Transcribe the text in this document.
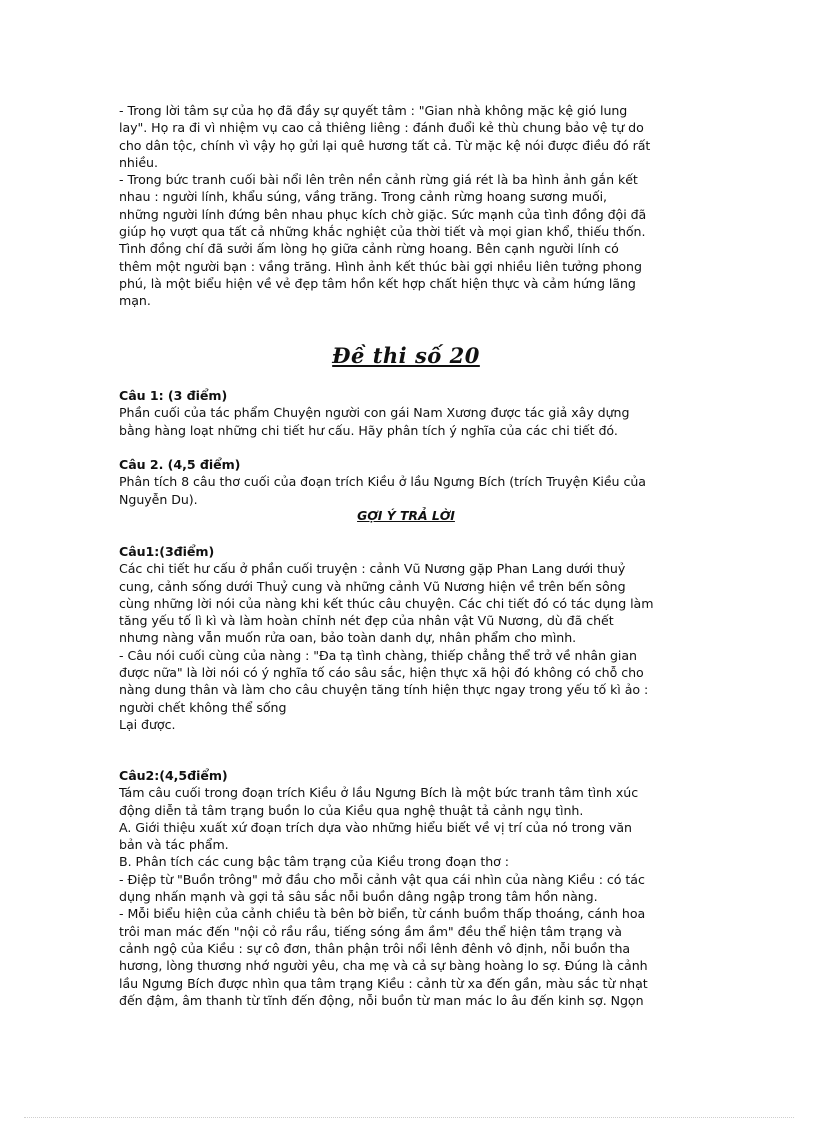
- Trong lời tâm sự của họ đã đầy sự quyết tâm : "Gian nhà không mặc kệ gió lung
lay". Họ ra đi vì nhiệm vụ cao cả thiêng liêng : đánh đuổi kẻ thù chung bảo vệ tự do
cho dân tộc, chính vì vậy họ gửi lại quê hương tất cả. Từ mặc kệ nói được điều đó rất
nhiều.
- Trong bức tranh cuối bài nổi lên trên nền cảnh rừng giá rét là ba hình ảnh gắn kết
nhau : người lính, khẩu súng, vầng trăng. Trong cảnh rừng hoang sương muối,
những người lính đứng bên nhau phục kích chờ giặc. Sức mạnh của tình đồng đội đã
giúp họ vượt qua tất cả những khắc nghiệt của thời tiết và mọi gian khổ, thiếu thốn.
Tình đồng chí đã sưởi ấm lòng họ giữa cảnh rừng hoang. Bên cạnh người lính có
thêm một người bạn : vầng trăng. Hình ảnh kết thúc bài gợi nhiều liên tưởng phong
phú, là một biểu hiện về vẻ đẹp tâm hồn kết hợp chất hiện thực và cảm hứng lãng
mạn.
Đề thi số 20
Câu 1: (3 điểm)
Phần cuối của tác phẩm Chuyện người con gái Nam Xương được tác giả xây dựng
bằng hàng loạt những chi tiết hư cấu. Hãy phân tích ý nghĩa của các chi tiết đó.
Câu 2. (4,5 điểm)
Phân tích 8 câu thơ cuối của đoạn trích Kiều ở lầu Ngưng Bích (trích Truyện Kiều của
Nguyễn Du).
GỢI Ý TRẢ LỜI
Câu1:(3điểm)
Các chi tiết hư cấu ở phần cuối truyện : cảnh Vũ Nương gặp Phan Lang dưới thuỷ
cung, cảnh sống dưới Thuỷ cung và những cảnh Vũ Nương hiện về trên bến sông
cùng những lời nói của nàng khi kết thúc câu chuyện. Các chi tiết đó có tác dụng làm
tăng yếu tố lì kì và làm hoàn chỉnh nét đẹp của nhân vật Vũ Nương, dù đã chết
nhưng nàng vẫn muốn rửa oan, bảo toàn danh dự, nhân phẩm cho mình.
- Câu nói cuối cùng của nàng : "Đa tạ tình chàng, thiếp chẳng thể trở về nhân gian
được nữa" là lời nói có ý nghĩa tố cáo sâu sắc, hiện thực xã hội đó không có chỗ cho
nàng dung thân và làm cho câu chuyện tăng tính hiện thực ngay trong yếu tố kì ảo :
người chết không thể sống
Lại được.
Câu2:(4,5điểm)
Tám câu cuối trong đoạn trích Kiều ở lầu Ngưng Bích là một bức tranh tâm tình xúc
động diễn tả tâm trạng buồn lo của Kiều qua nghệ thuật tả cảnh ngụ tình.
A. Giới thiệu xuất xứ đoạn trích dựa vào những hiểu biết về vị trí của nó trong văn
bản và tác phẩm.
B. Phân tích các cung bậc tâm trạng của Kiều trong đoạn thơ :
- Điệp từ "Buồn trông" mở đầu cho mỗi cảnh vật qua cái nhìn của nàng Kiều : có tác
dụng nhấn mạnh và gợi tả sâu sắc nỗi buồn dâng ngập trong tâm hồn nàng.
- Mỗi biểu hiện của cảnh chiều tà bên bờ biển, từ cánh buồm thấp thoáng, cánh hoa
trôi man mác đến "nội cỏ rầu rầu, tiếng sóng ầm ầm" đều thể hiện tâm trạng và
cảnh ngộ của Kiều : sự cô đơn, thân phận trôi nổi lênh đênh vô định, nỗi buồn tha
hương, lòng thương nhớ người yêu, cha mẹ và cả sự bàng hoàng lo sợ. Đúng là cảnh
lầu Ngưng Bích được nhìn qua tâm trạng Kiều : cảnh từ xa đến gần, màu sắc từ nhạt
đến đậm, âm thanh từ tĩnh đến động, nỗi buồn từ man mác lo âu đến kinh sợ. Ngọn
